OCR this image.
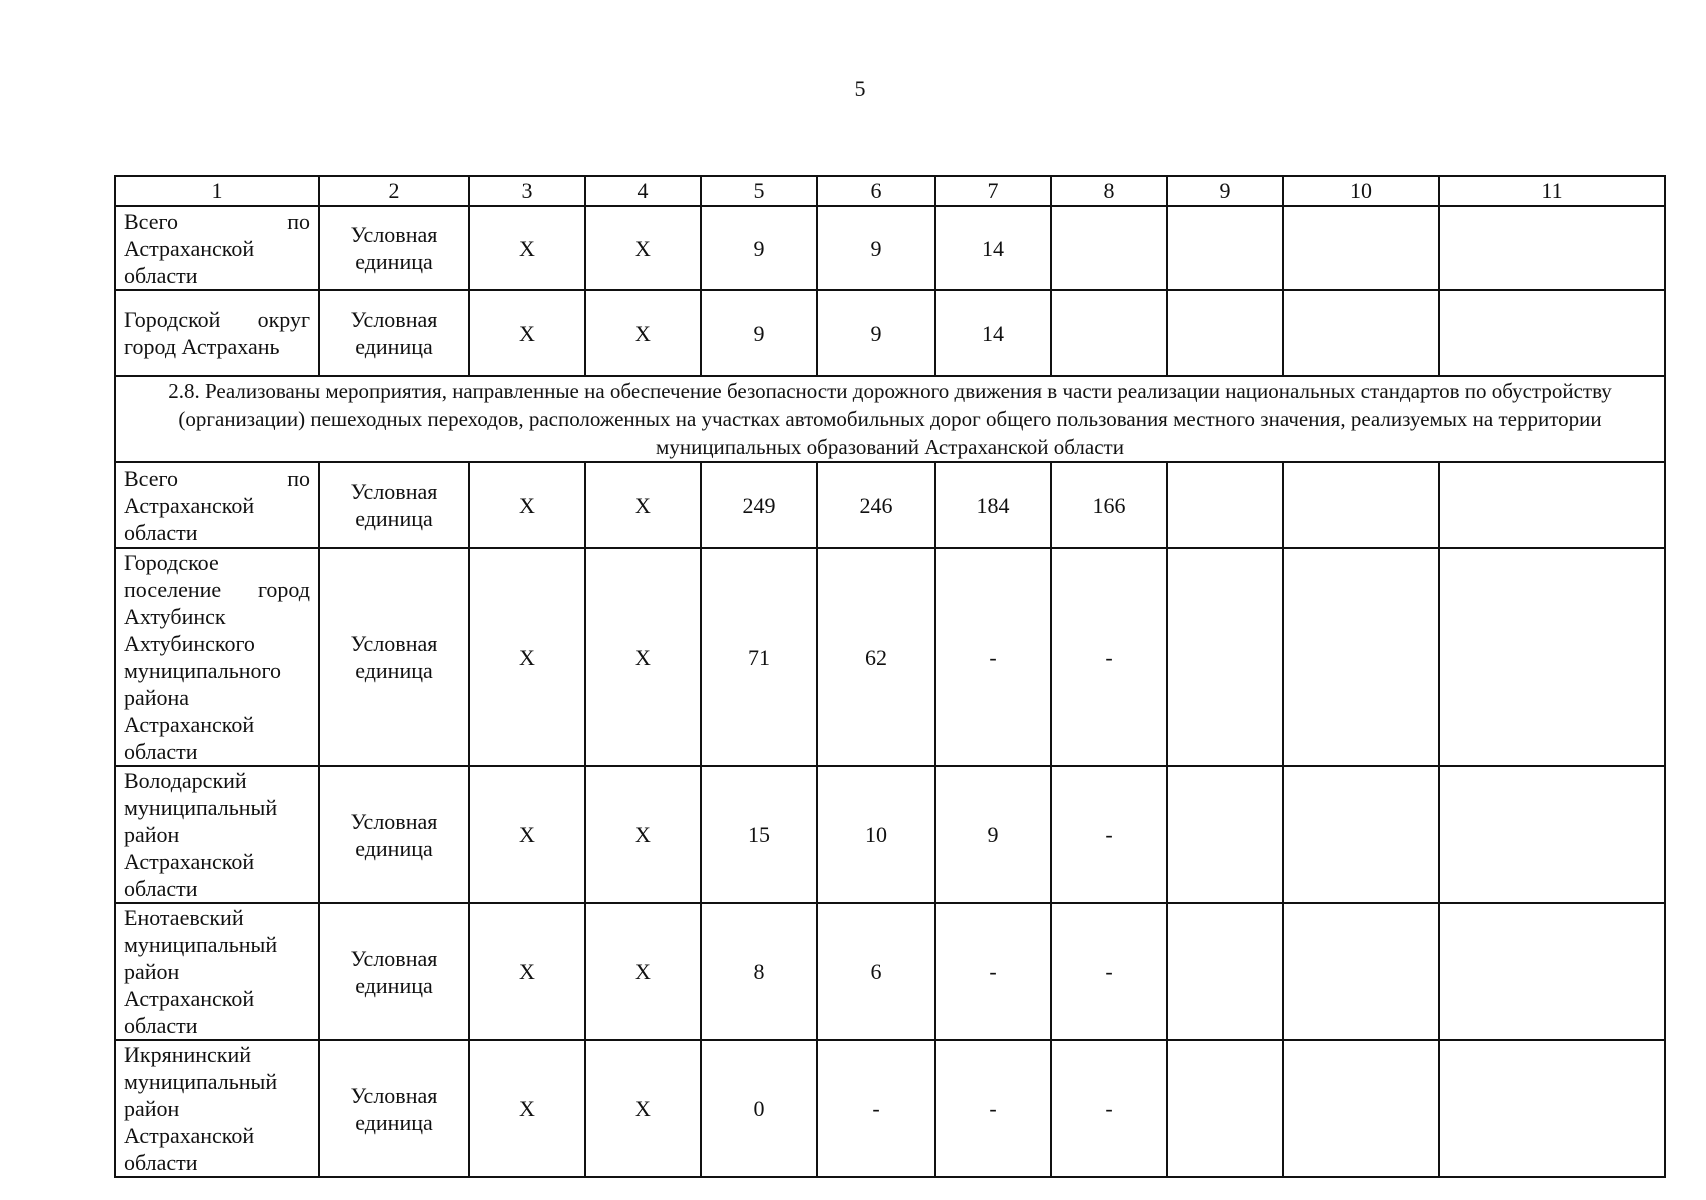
5
1	2	3	4	5	6	7	8	9	10	11
Всего по Астраханской области	Условная единица	X	X	9	9	14				
Городской округ город Астрахань	Условная единица	X	X	9	9	14				
2.8. Реализованы мероприятия, направленные на обеспечение безопасности дорожного движения в части реализации национальных стандартов по обустройству (организации) пешеходных переходов, расположенных на участках автомобильных дорог общего пользования местного значения, реализуемых на территории муниципальных образований Астраханской области										
Всего по Астраханской области	Условная единица	X	X	249	246	184	166			
Городское поселение город Ахтубинск Ахтубинского муниципального района Астраханской области	Условная единица	X	X	71	62	-	-			
Володарский муниципальный район Астраханской области	Условная единица	X	X	15	10	9	-			
Енотаевский муниципальный район Астраханской области	Условная единица	X	X	8	6	-	-			
Икрянинский муниципальный район Астраханской области	Условная единица	X	X	0	-	-	-			
